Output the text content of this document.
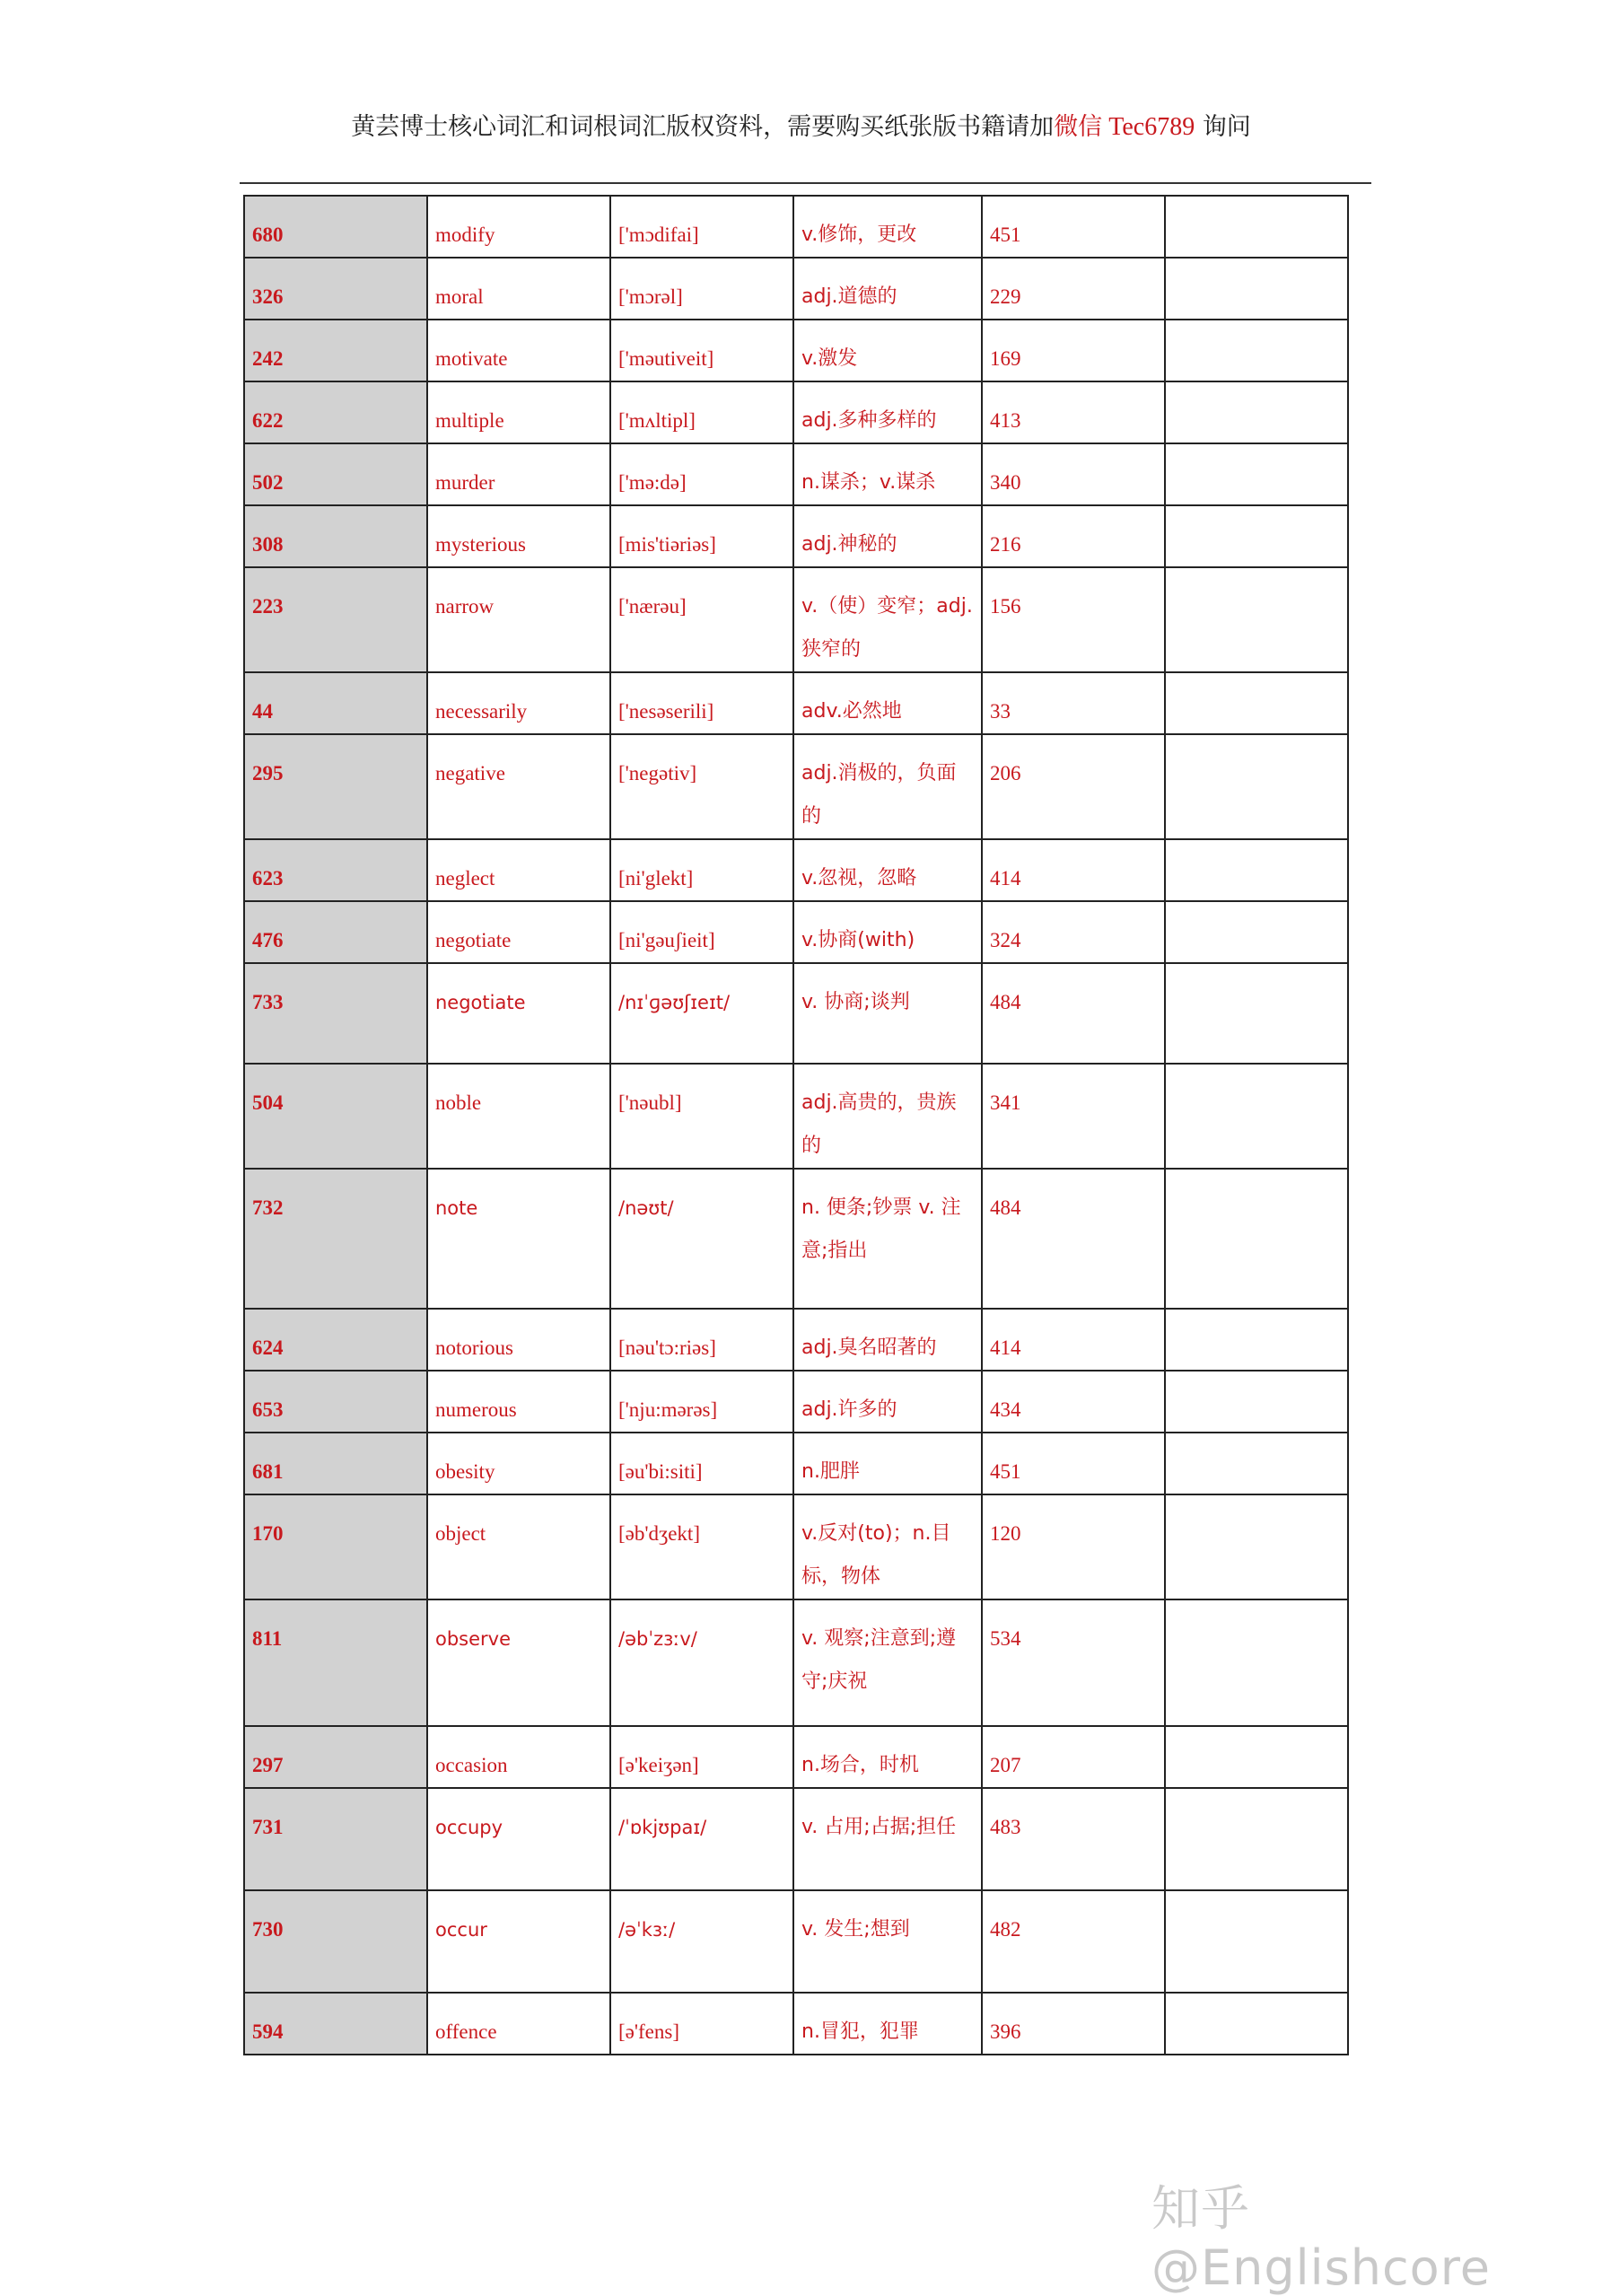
黄芸博士核心词汇和词根词汇版权资料，需要购买纸张版书籍请加微信 Tec6789 询问
680	modify	['mɔdifai]	v.修饰，更改	451	
326	moral	['mɔrəl]	adj.道德的	229	
242	motivate	['məutiveit]	v.激发	169	
622	multiple	['mʌltipl]	adj.多种多样的	413	
502	murder	['mə:də]	n.谋杀；v.谋杀	340	
308	mysterious	[mis'tiəriəs]	adj.神秘的	216	
223	narrow	['nærəu]	v.（使）变窄；adj.狭窄的	156	
44	necessarily	['nesəserili]	adv.必然地	33	
295	negative	['negətiv]	adj.消极的，负面的	206	
623	neglect	[ni'glekt]	v.忽视，忽略	414	
476	negotiate	[ni'gəuʃieit]	v.协商(with)	324	
733	negotiate	/nɪˈɡəʊʃɪeɪt/	v. 协商;谈判	484	
504	noble	['nəubl]	adj.高贵的，贵族的	341	
732	note	/nəʊt/	n. 便条;钞票 v. 注意;指出	484	
624	notorious	[nəu'tɔ:riəs]	adj.臭名昭著的	414	
653	numerous	['nju:mərəs]	adj.许多的	434	
681	obesity	[əu'bi:siti]	n.肥胖	451	
170	object	[əb'dʒekt]	v.反对(to)；n.目标，物体	120	
811	observe	/əbˈzɜːv/	v. 观察;注意到;遵守;庆祝	534	
297	occasion	[ə'keiʒən]	n.场合，时机	207	
731	occupy	/ˈɒkjʊpaɪ/	v. 占用;占据;担任	483	
730	occur	/əˈkɜː/	v. 发生;想到	482	
594	offence	[ə'fens]	n.冒犯，犯罪	396	
知乎 @Englishcore
